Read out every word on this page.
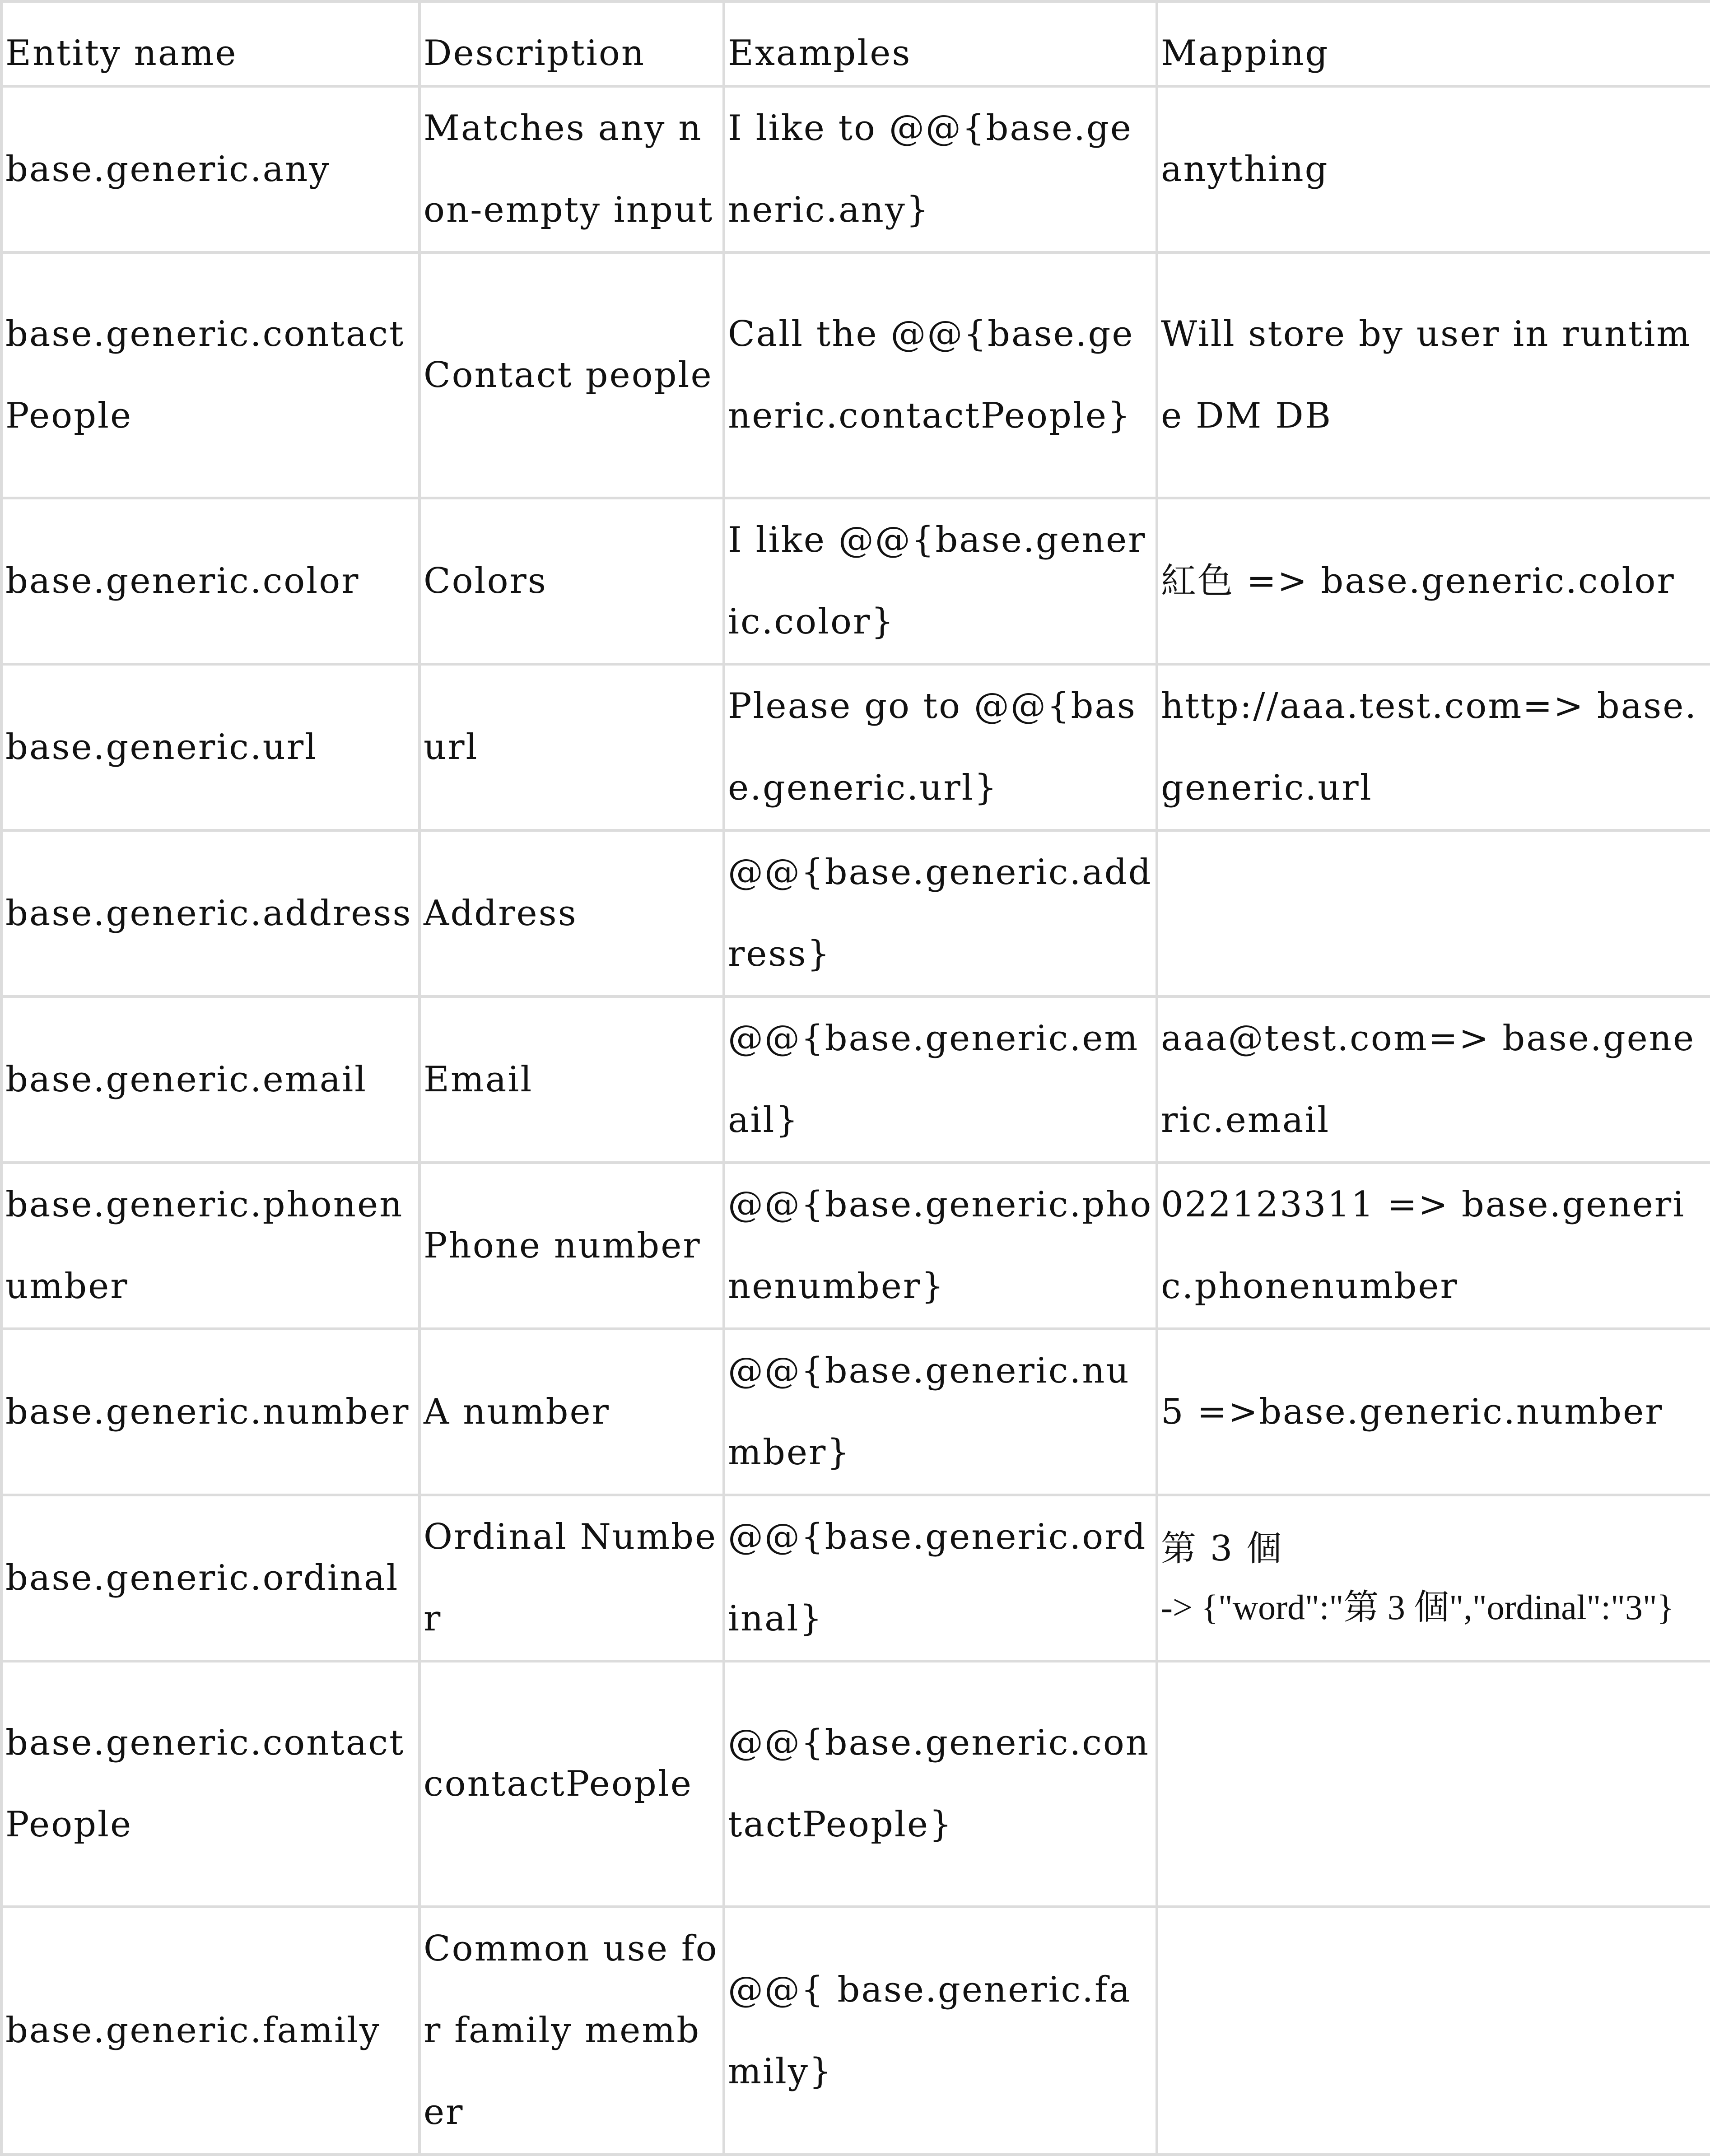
Entity name	Description	Examples	Mapping
base.generic.any	Matches any non-empty input	I like to @@{base.generic.any}	anything
base.generic.contactPeople	Contact people	Call the @@{base.generic.contactPeople}	Will store by user in runtime DM DB
base.generic.color	Colors	I like @@{base.generic.color}	紅色 => base.generic.color
base.generic.url	url	Please go to @@{base.generic.url}	http://aaa.test.com=> base.generic.url
base.generic.address	Address	@@{base.generic.address}	
base.generic.email	Email	@@{base.generic.email}	aaa@test.com=> base.generic.email
base.generic.phonenumber	Phone number	@@{base.generic.phonenumber}	022123311 => base.generic.phonenumber
base.generic.number	A number	@@{base.generic.number}	5 =>base.generic.number
base.generic.ordinal	Ordinal Number	@@{base.generic.ordinal}	第 3 個
-> {"word":"第 3 個","ordinal":"3"}

base.generic.contactPeople	contactPeople	@@{base.generic.contactPeople}	
base.generic.family	Common use for family member	@@{ base.generic.family}	
